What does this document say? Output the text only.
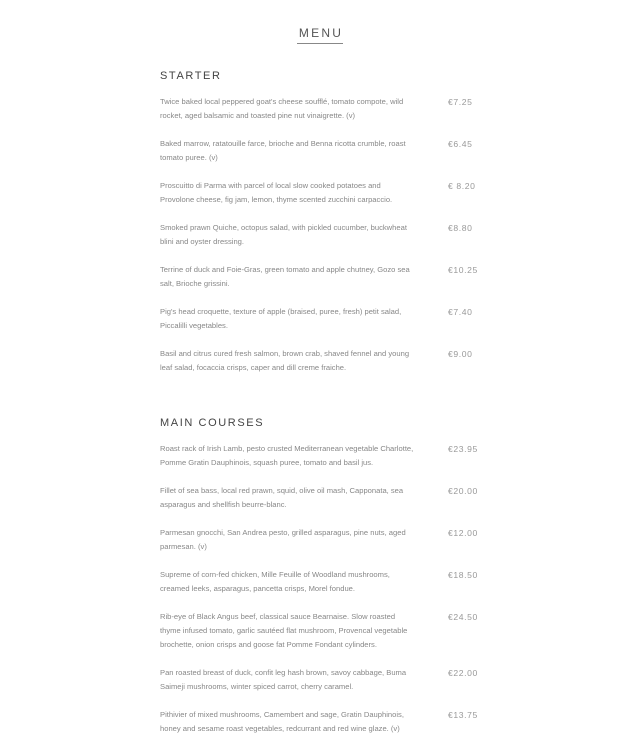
MENU
STARTER
Twice baked local peppered goat's cheese soufflé, tomato compote, wild rocket, aged balsamic and toasted pine nut vinaigrette. (v)
€7.25
Baked marrow, ratatouille farce, brioche and Benna ricotta crumble, roast tomato puree. (v)
€6.45
Proscuitto di Parma with parcel of local slow cooked potatoes and Provolone cheese, fig jam, lemon, thyme scented zucchini carpaccio.
€ 8.20
Smoked prawn Quiche, octopus salad, with pickled cucumber, buckwheat blini and oyster dressing.
€8.80
Terrine of duck and Foie-Gras, green tomato and apple chutney, Gozo sea salt, Brioche grissini.
€10.25
Pig's head croquette, texture of apple (braised, puree, fresh) petit salad, Piccalilli vegetables.
€7.40
Basil and citrus cured fresh salmon, brown crab, shaved fennel and young leaf salad, focaccia crisps, caper and dill creme fraiche.
€9.00
MAIN COURSES
Roast rack of Irish Lamb, pesto crusted Mediterranean vegetable Charlotte, Pomme Gratin Dauphinois, squash puree, tomato and basil jus.
€23.95
Fillet of sea bass, local red prawn, squid, olive oil mash, Capponata, sea asparagus and shellfish beurre-blanc.
€20.00
Parmesan gnocchi, San Andrea pesto, grilled asparagus, pine nuts, aged parmesan. (v)
€12.00
Supreme of corn-fed chicken, Mille Feuille of Woodland mushrooms, creamed leeks, asparagus, pancetta crisps, Morel fondue.
€18.50
Rib-eye of Black Angus beef, classical sauce Bearnaise. Slow roasted thyme infused tomato, garlic sautéed flat mushroom, Provencal vegetable brochette, onion crisps and goose fat Pomme Fondant cylinders.
€24.50
Pan roasted breast of duck, confit leg hash brown, savoy cabbage, Buma Saimeji mushrooms, winter spiced carrot, cherry caramel.
€22.00
Pithivier of mixed mushrooms, Camembert and sage, Gratin Dauphinois, honey and sesame roast vegetables, redcurrant and red wine glaze. (v)
€13.75
